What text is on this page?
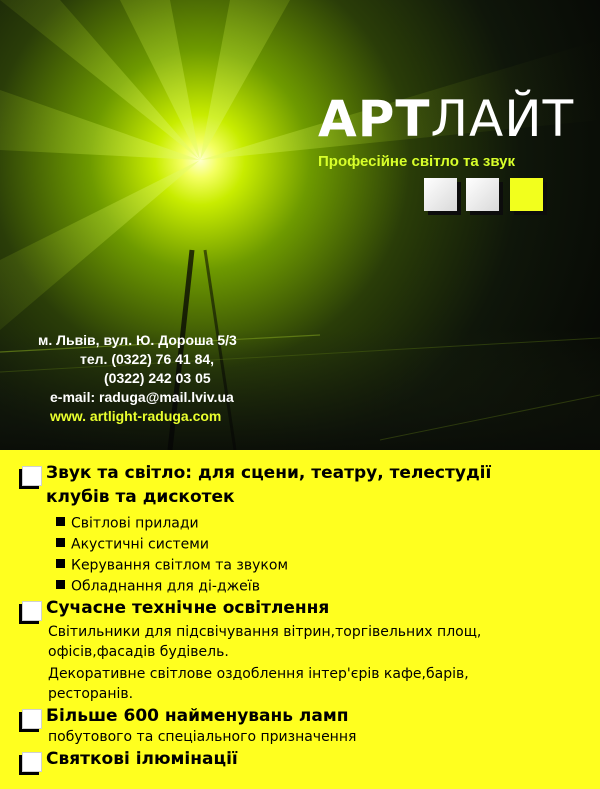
АРТЛАЙТ
Професійне світло та звук
м. Львів, вул. Ю. Дороша 5/3
тел. (0322) 76 41 84,
(0322) 242 03 05
e-mail: raduga@mail.lviv.ua
www. artlight-raduga.com
Звук та світло: для сцени, театру, телестудії
клубів та дискотек
Світлові прилади
Акустичні системи
Керування світлом та звуком
Обладнання для ді-джеїв
Сучасне технічне освітлення
Світильники для підсвічування вітрин,торгівельних площ,
офісів,фасадів будівель.
Декоративне світлове оздоблення інтер'єрів кафе,барів,
ресторанів.
Більше 600 найменувань ламп
побутового та спеціального призначення
Святкові ілюмінації
